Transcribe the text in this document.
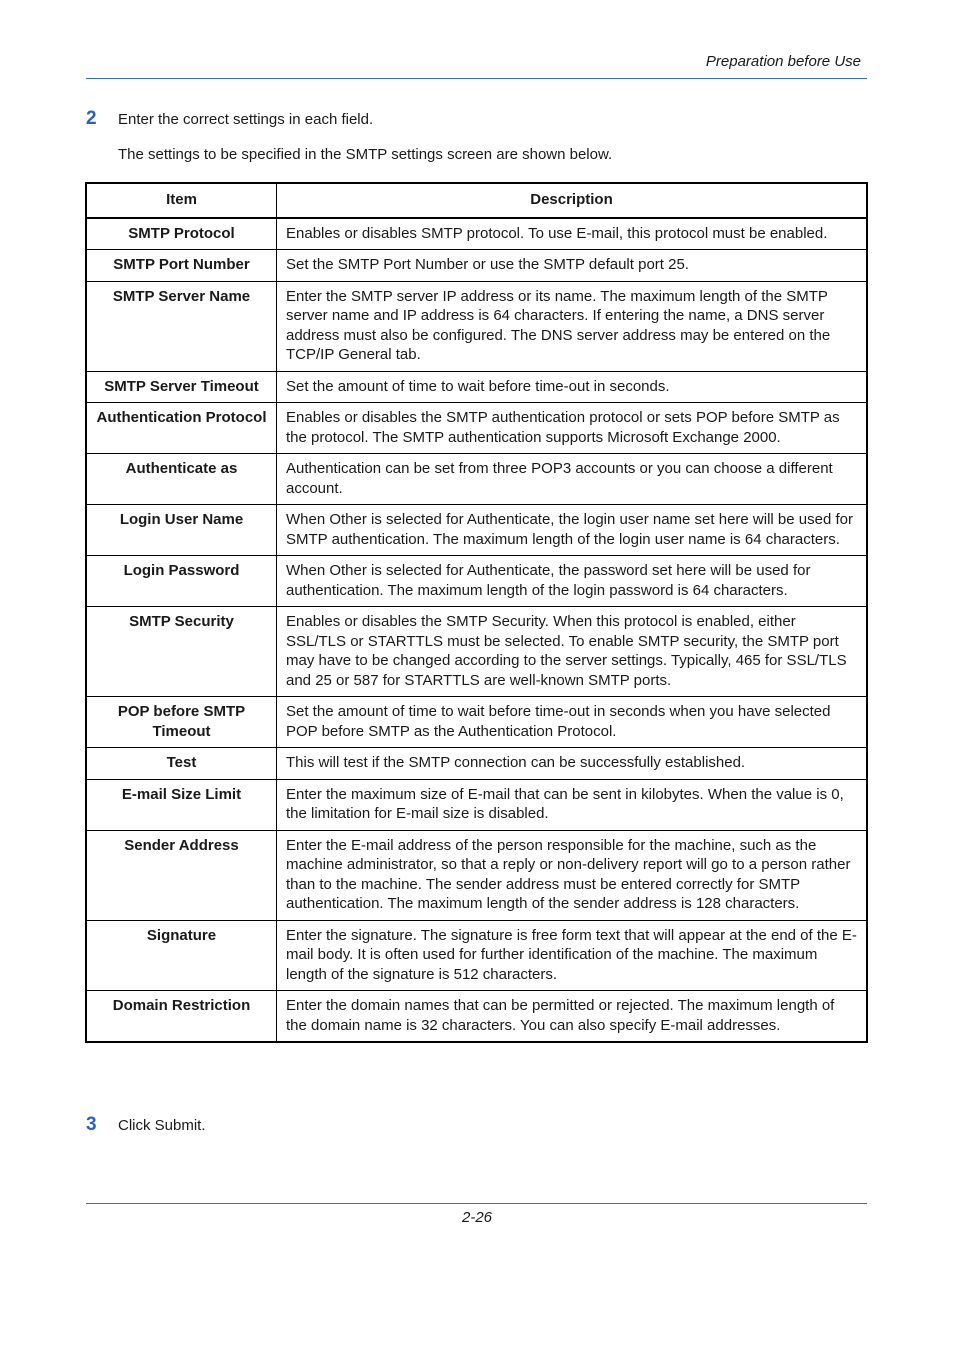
Preparation before Use
2	Enter the correct settings in each field.
The settings to be specified in the SMTP settings screen are shown below.
Item	Description
SMTP Protocol	Enables or disables SMTP protocol. To use E-mail, this protocol must be enabled.
SMTP Port Number	Set the SMTP Port Number or use the SMTP default port 25.
SMTP Server Name	Enter the SMTP server IP address or its name. The maximum length of the SMTP server name and IP address is 64 characters. If entering the name, a DNS server address must also be configured. The DNS server address may be entered on the TCP/IP General tab.
SMTP Server Timeout	Set the amount of time to wait before time-out in seconds.
Authentication Protocol	Enables or disables the SMTP authentication protocol or sets POP before SMTP as the protocol. The SMTP authentication supports Microsoft Exchange 2000.
Authenticate as	Authentication can be set from three POP3 accounts or you can choose a different account.
Login User Name	When Other is selected for Authenticate, the login user name set here will be used for SMTP authentication. The maximum length of the login user name is 64 characters.
Login Password	When Other is selected for Authenticate, the password set here will be used for authentication. The maximum length of the login password is 64 characters.
SMTP Security	Enables or disables the SMTP Security. When this protocol is enabled, either SSL/TLS or STARTTLS must be selected. To enable SMTP security, the SMTP port may have to be changed according to the server settings. Typically, 465 for SSL/TLS and 25 or 587 for STARTTLS are well-known SMTP ports.
POP before SMTP Timeout	Set the amount of time to wait before time-out in seconds when you have selected POP before SMTP as the Authentication Protocol.
Test	This will test if the SMTP connection can be successfully established.
E-mail Size Limit	Enter the maximum size of E-mail that can be sent in kilobytes. When the value is 0, the limitation for E-mail size is disabled.
Sender Address	Enter the E-mail address of the person responsible for the machine, such as the machine administrator, so that a reply or non-delivery report will go to a person rather than to the machine. The sender address must be entered correctly for SMTP authentication. The maximum length of the sender address is 128 characters.
Signature	Enter the signature. The signature is free form text that will appear at the end of the E-mail body. It is often used for further identification of the machine. The maximum length of the signature is 512 characters.
Domain Restriction	Enter the domain names that can be permitted or rejected. The maximum length of the domain name is 32 characters. You can also specify E-mail addresses.
3	Click Submit.
2-26
